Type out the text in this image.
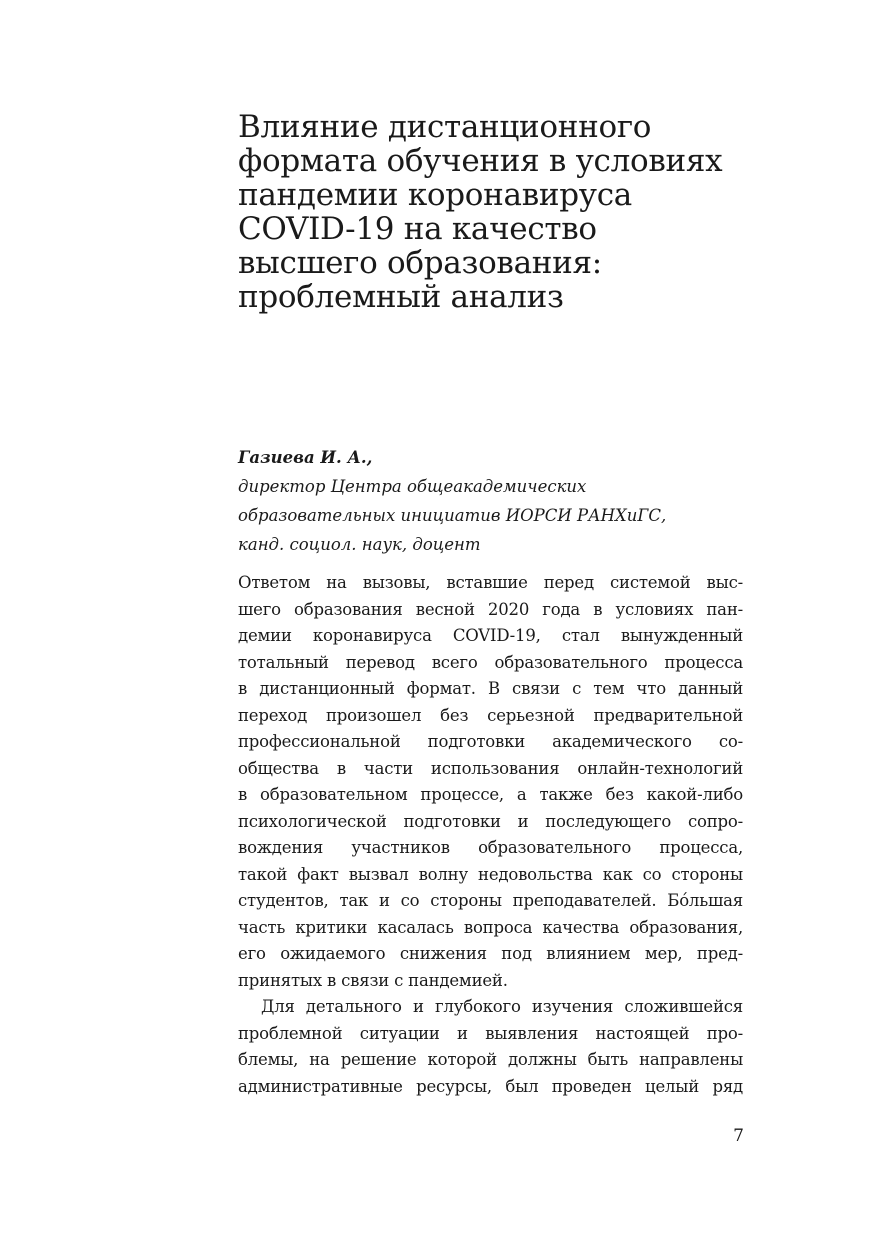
Влияние дистанционного
формата обучения в условиях
пандемии коронавируса
COVID-19 на качество
высшего образования:
проблемный анализ
Газиева И. А.,
директор Центра общеакадемических
образовательных инициатив ИОРСИ РАНХиГС,
канд. социол. наук, доцент
Ответом на вызовы, вставшие перед системой выс-
шего образования весной 2020 года в условиях пан-
демии коронавируса COVID-19, стал вынужденный
тотальный перевод всего образовательного процесса
в дистанционный формат. В связи с тем что данный
переход произошел без серьезной предварительной
профессиональной подготовки академического со-
общества в части использования онлайн-технологий
в образовательном процессе, а также без какой-либо
психологической подготовки и последующего сопро-
вождения участников образовательного процесса,
такой факт вызвал волну недовольства как со стороны
студентов, так и со стороны преподавателей. Бóльшая
часть критики касалась вопроса качества образования,
его ожидаемого снижения под влиянием мер, пред-
принятых в связи с пандемией.
Для детального и глубокого изучения сложившейся
проблемной ситуации и выявления настоящей про-
блемы, на решение которой должны быть направлены
административные ресурсы, был проведен целый ряд
7
